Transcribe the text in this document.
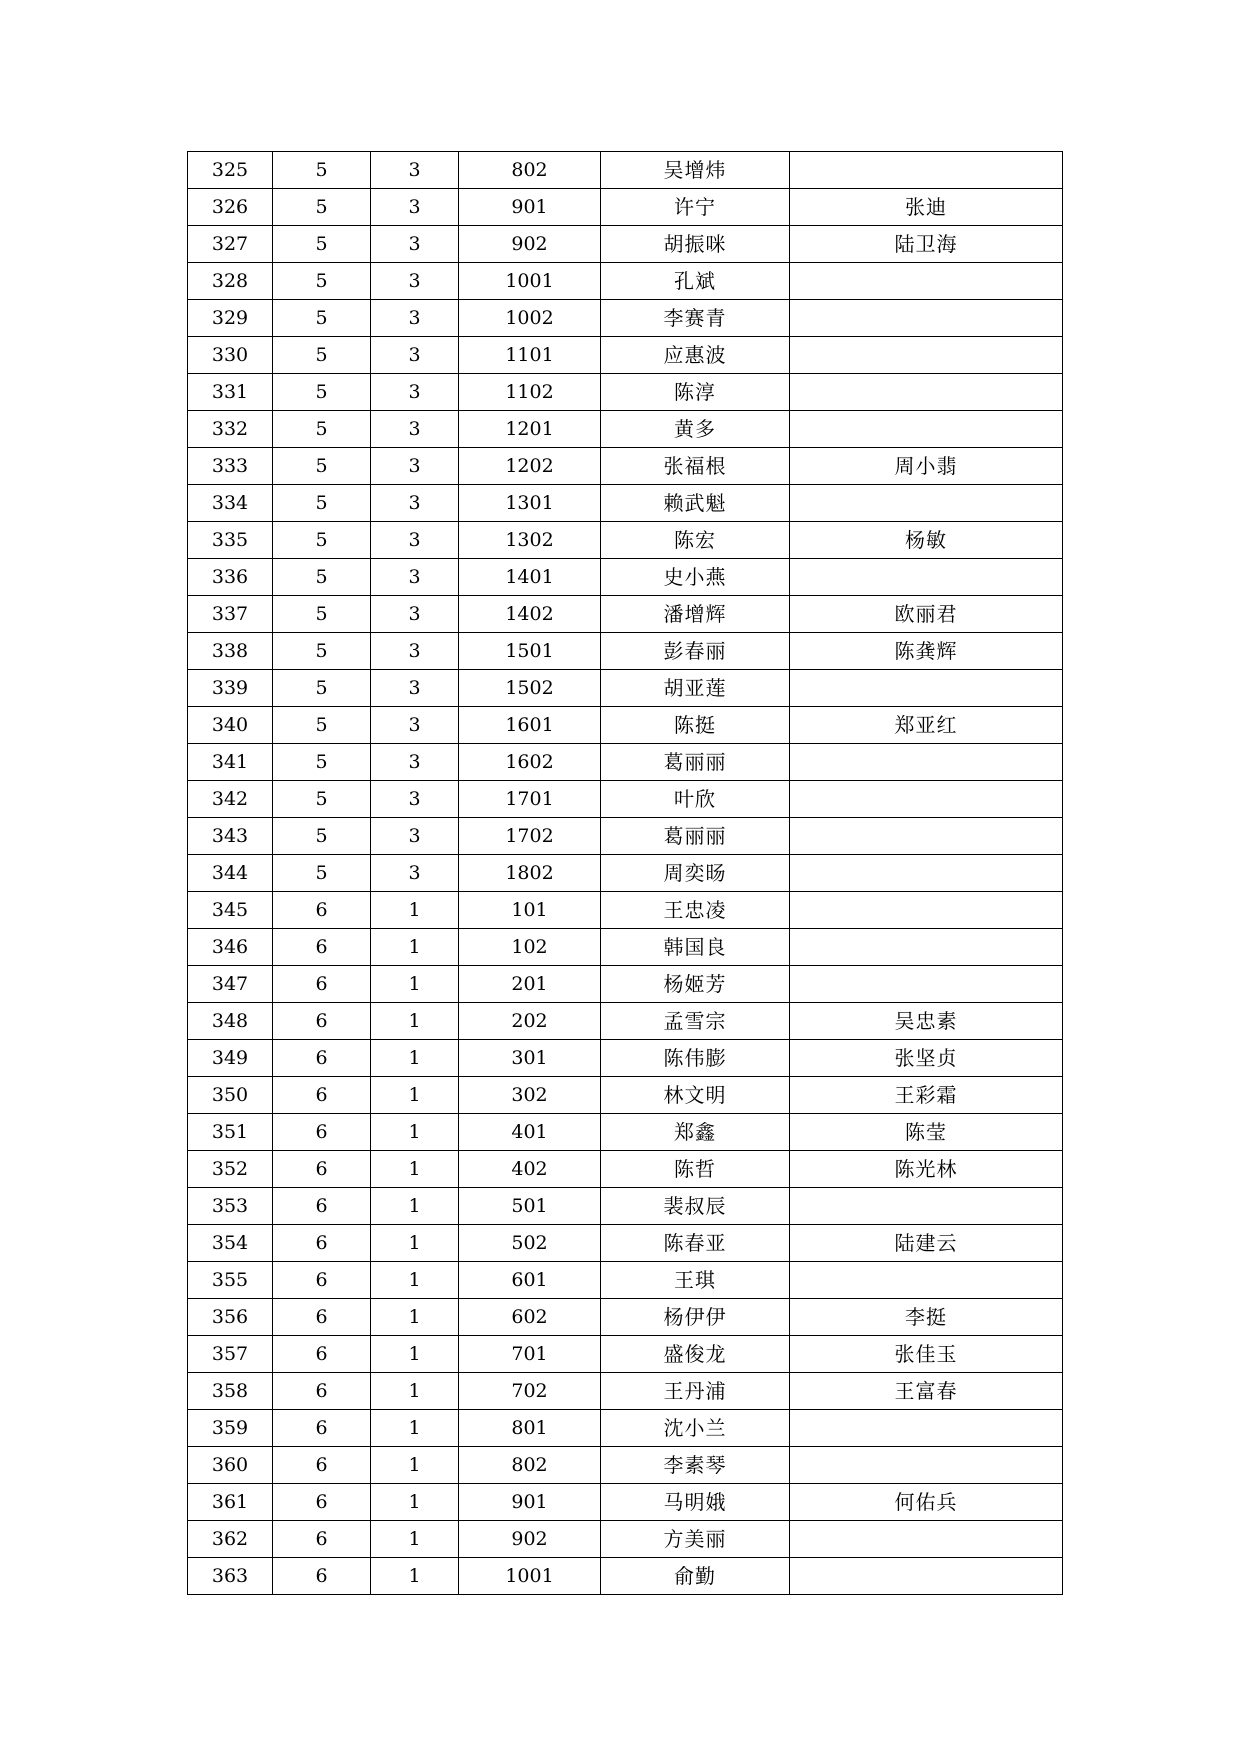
325	5	3	802	吴增炜	
326	5	3	901	许宁	张迪
327	5	3	902	胡振咪	陆卫海
328	5	3	1001	孔斌	
329	5	3	1002	李赛青	
330	5	3	1101	应惠波	
331	5	3	1102	陈淳	
332	5	3	1201	黄多	
333	5	3	1202	张福根	周小翡
334	5	3	1301	赖武魁	
335	5	3	1302	陈宏	杨敏
336	5	3	1401	史小燕	
337	5	3	1402	潘增辉	欧丽君
338	5	3	1501	彭春丽	陈龚辉
339	5	3	1502	胡亚莲	
340	5	3	1601	陈挺	郑亚红
341	5	3	1602	葛丽丽	
342	5	3	1701	叶欣	
343	5	3	1702	葛丽丽	
344	5	3	1802	周奕旸	
345	6	1	101	王忠凌	
346	6	1	102	韩国良	
347	6	1	201	杨姬芳	
348	6	1	202	孟雪宗	吴忠素
349	6	1	301	陈伟膨	张坚贞
350	6	1	302	林文明	王彩霜
351	6	1	401	郑鑫	陈莹
352	6	1	402	陈哲	陈光林
353	6	1	501	裴叔辰	
354	6	1	502	陈春亚	陆建云
355	6	1	601	王琪	
356	6	1	602	杨伊伊	李挺
357	6	1	701	盛俊龙	张佳玉
358	6	1	702	王丹浦	王富春
359	6	1	801	沈小兰	
360	6	1	802	李素琴	
361	6	1	901	马明娥	何佑兵
362	6	1	902	方美丽	
363	6	1	1001	俞勤	
